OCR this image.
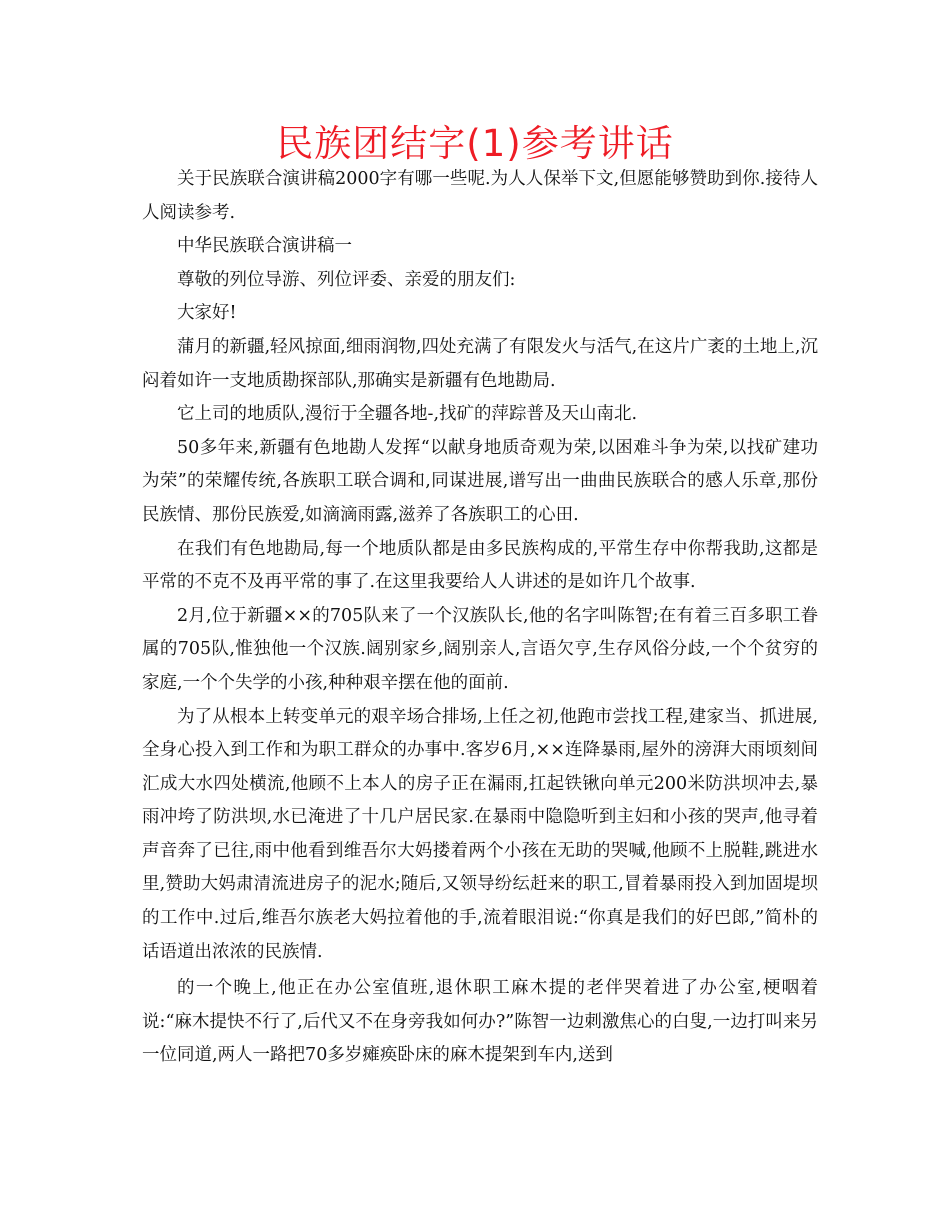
民族团结字(1)参考讲话

关于民族联合演讲稿2000字有哪一些呢.为人人保举下文,但愿能够赞助到你.接待人人阅读参考.

中华民族联合演讲稿一

尊敬的列位导游、列位评委、亲爱的朋友们:

大家好!

蒲月的新疆,轻风掠面,细雨润物,四处充满了有限发火与活气,在这片广袤的土地上,沉闷着如许一支地质勘探部队,那确实是新疆有色地勘局.

它上司的地质队,漫衍于全疆各地-,找矿的萍踪普及天山南北.

50多年来,新疆有色地勘人发挥“以献身地质奇观为荣,以困难斗争为荣,以找矿建功为荣”的荣耀传统,各族职工联合调和,同谋进展,谱写出一曲曲民族联合的感人乐章,那份民族情、那份民族爱,如滴滴雨露,滋养了各族职工的心田.

在我们有色地勘局,每一个地质队都是由多民族构成的,平常生存中你帮我助,这都是平常的不克不及再平常的事了.在这里我要给人人讲述的是如许几个故事.

2月,位于新疆××的705队来了一个汉族队长,他的名字叫陈智;在有着三百多职工眷属的705队,惟独他一个汉族.阔别家乡,阔别亲人,言语欠亨,生存风俗分歧,一个个贫穷的家庭,一个个失学的小孩,种种艰辛摆在他的面前.

为了从根本上转变单元的艰辛场合排场,上任之初,他跑市尝找工程,建家当、抓进展,全身心投入到工作和为职工群众的办事中.客岁6月,××连降暴雨,屋外的滂湃大雨顷刻间汇成大水四处横流,他顾不上本人的房子正在漏雨,扛起铁锹向单元200米防洪坝冲去,暴雨冲垮了防洪坝,水已淹进了十几户居民家.在暴雨中隐隐听到主妇和小孩的哭声,他寻着声音奔了已往,雨中他看到维吾尔大妈搂着两个小孩在无助的哭喊,他顾不上脱鞋,跳进水里,赞助大妈肃清流进房子的泥水;随后,又领导纷纭赶来的职工,冒着暴雨投入到加固堤坝的工作中.过后,维吾尔族老大妈拉着他的手,流着眼泪说:“你真是我们的好巴郎,”简朴的话语道出浓浓的民族情.

的一个晚上,他正在办公室值班,退休职工麻木提的老伴哭着进了办公室,梗咽着说:“麻木提快不行了,后代又不在身旁我如何办?”陈智一边刺激焦心的白叟,一边打叫来另一位同道,两人一路把70多岁瘫痪卧床的麻木提架到车内,送到
